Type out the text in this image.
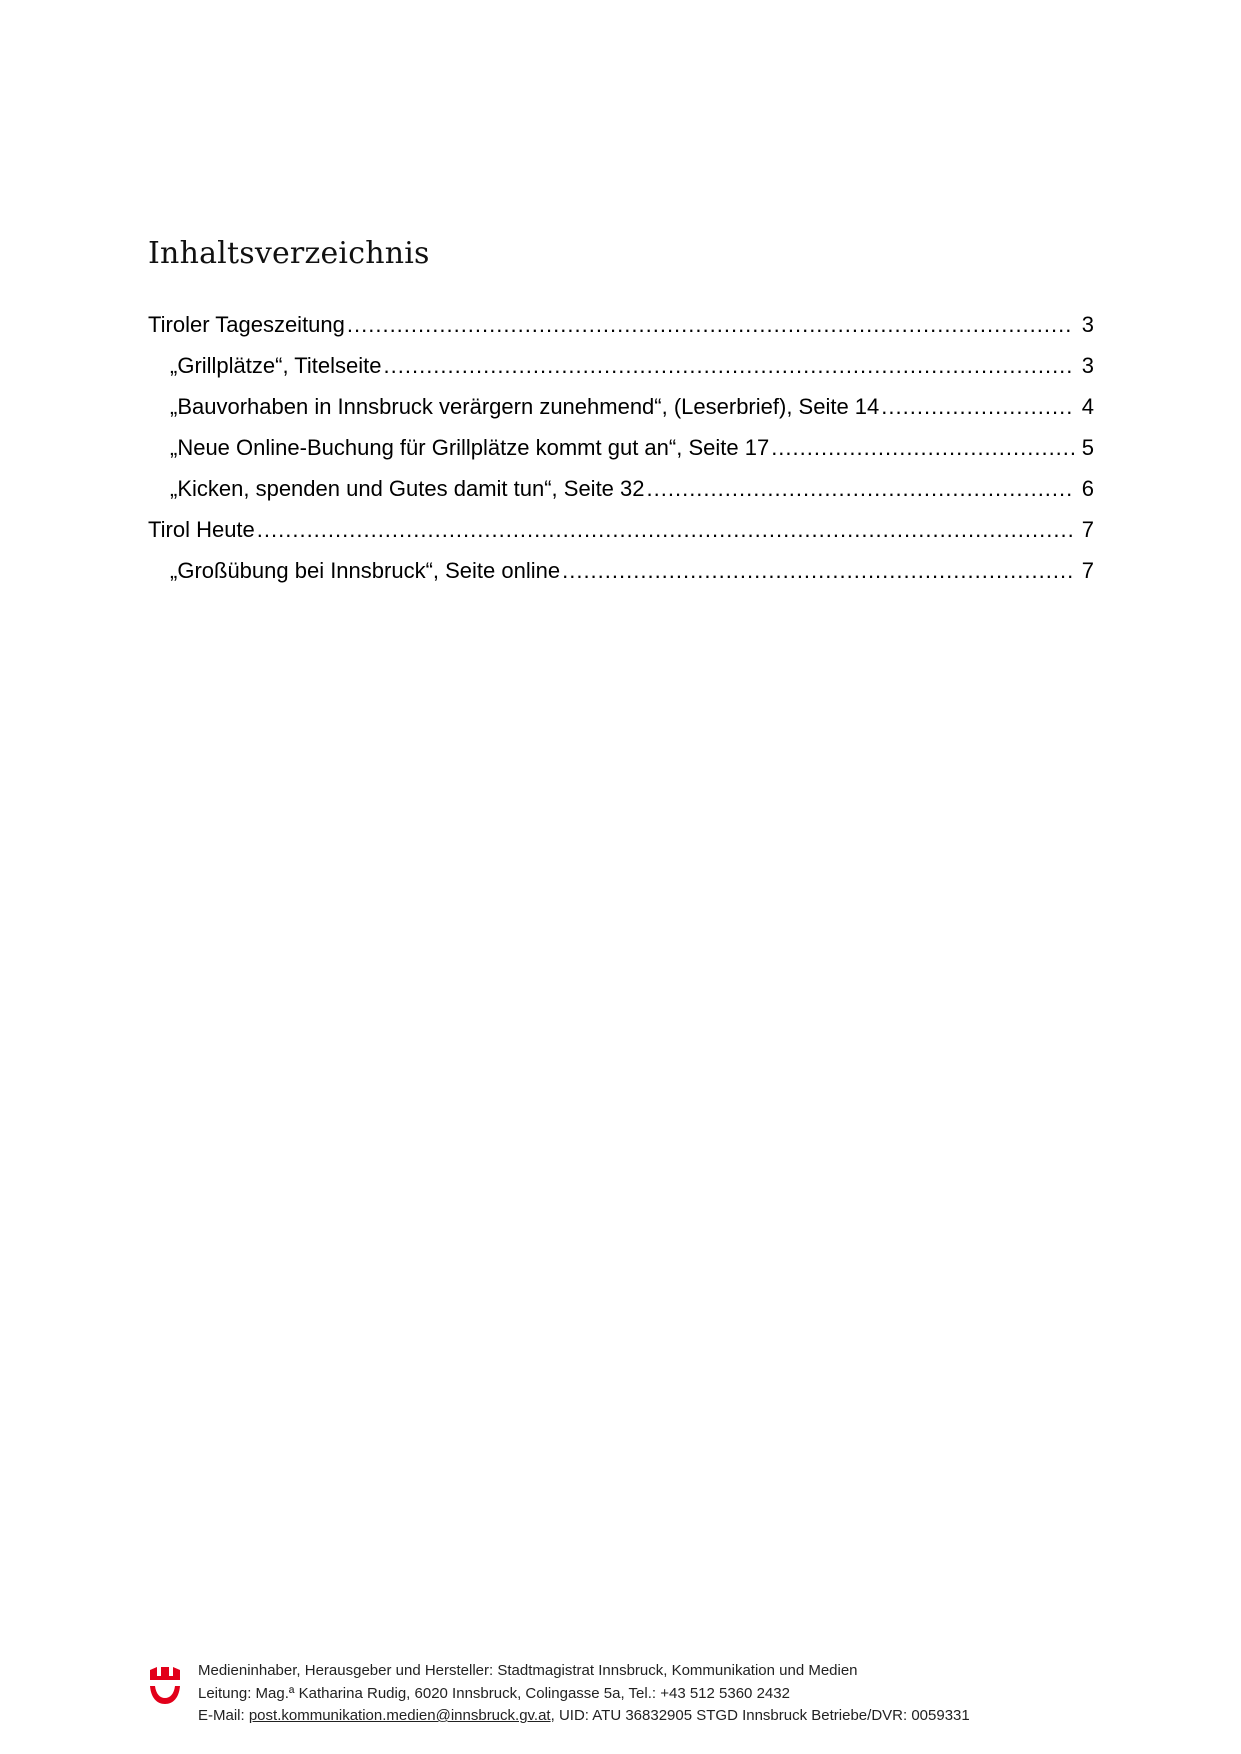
Inhaltsverzeichnis
Tiroler Tageszeitung .....	3
„Grillplätze“, Titelseite .....	3
„Bauvorhaben in Innsbruck verärgern zunehmend“, (Leserbrief), Seite 14 .....	4
„Neue Online-Buchung für Grillplätze kommt gut an“, Seite 17 .....	5
„Kicken, spenden und Gutes damit tun“, Seite 32 .....	6
Tirol Heute .....	7
„Großübung bei Innsbruck“, Seite online .....	7
Medieninhaber, Herausgeber und Hersteller: Stadtmagistrat Innsbruck, Kommunikation und Medien
Leitung: Mag.ª Katharina Rudig, 6020 Innsbruck, Colingasse 5a, Tel.: +43 512 5360 2432
E-Mail: post.kommunikation.medien@innsbruck.gv.at, UID: ATU 36832905 STGD Innsbruck Betriebe/DVR: 0059331
